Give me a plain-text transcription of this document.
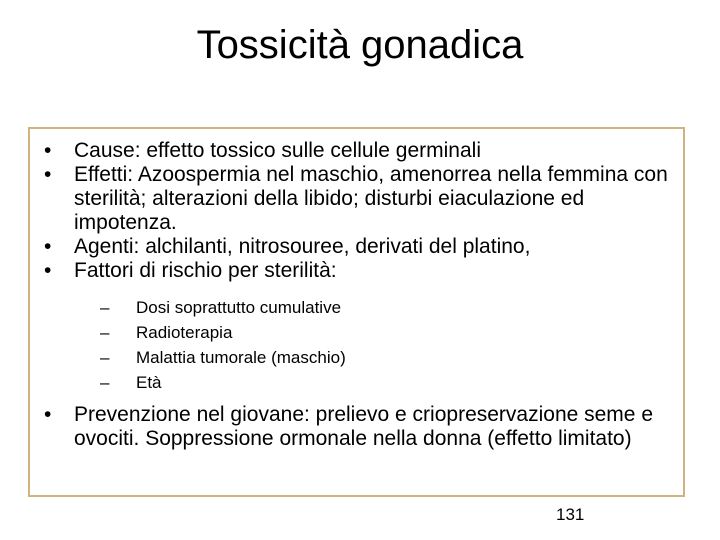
Tossicità gonadica
• Cause: effetto tossico sulle cellule germinali
• Effetti: Azoospermia nel maschio, amenorrea nella femmina con sterilità; alterazioni della libido; disturbi eiaculazione ed impotenza.
• Agenti: alchilanti, nitrosouree, derivati del platino,
• Fattori di rischio per sterilità:
– Dosi soprattutto cumulative
– Radioterapia
– Malattia tumorale (maschio)
– Età
• Prevenzione nel giovane: prelievo e criopreservazione seme e ovociti. Soppressione ormonale nella donna (effetto limitato)
131
